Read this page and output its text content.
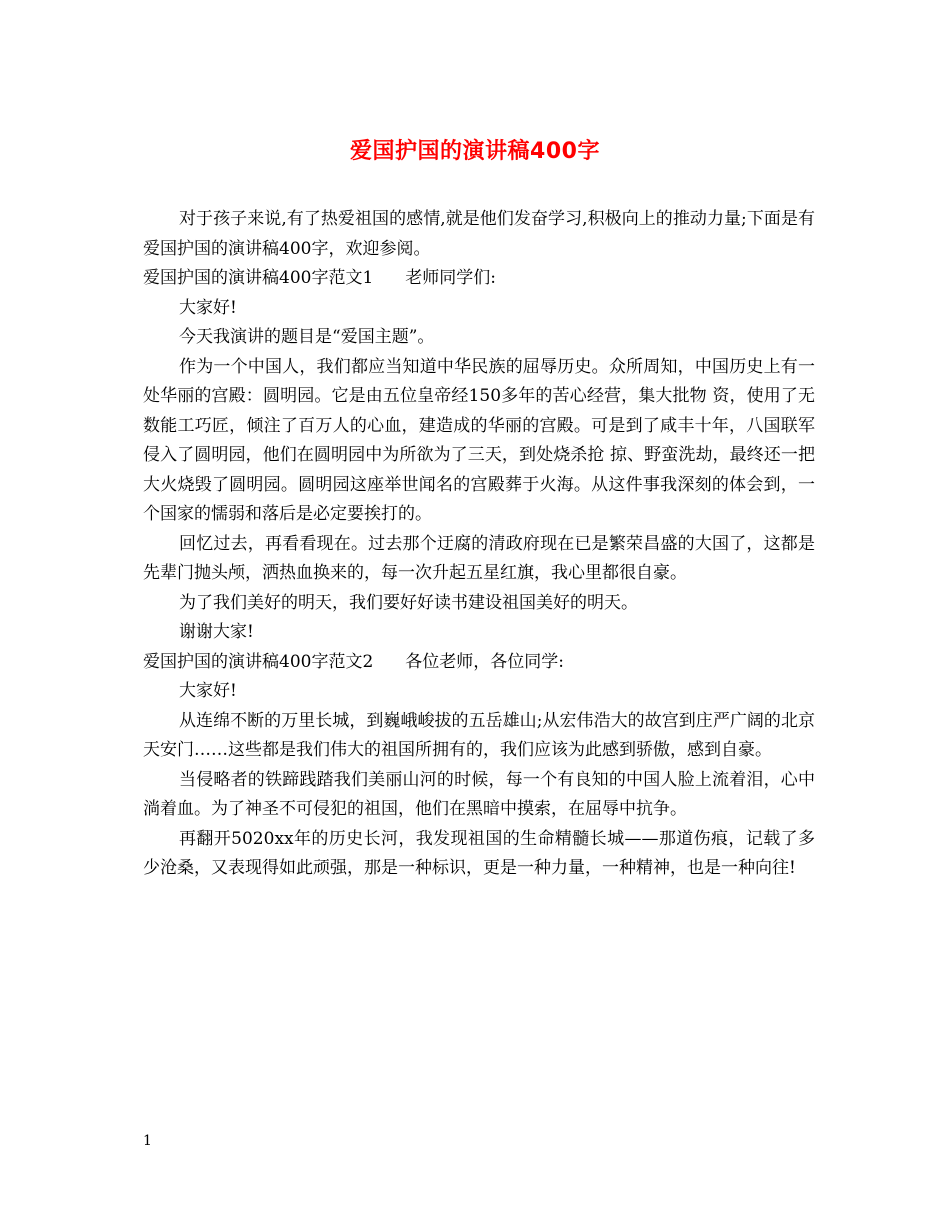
爱国护国的演讲稿400字

对于孩子来说,有了热爱祖国的感情,就是他们发奋学习,积极向上的推动力量;下面是有爱国护国的演讲稿400字，欢迎参阅。

爱国护国的演讲稿400字范文1 老师同学们:

大家好!

今天我演讲的题目是“爱国主题”。

作为一个中国人，我们都应当知道中华民族的屈辱历史。众所周知，中国历史上有一处华丽的宫殿：圆明园。它是由五位皇帝经150多年的苦心经营，集大批物 资，使用了无数能工巧匠，倾注了百万人的心血，建造成的华丽的宫殿。可是到了咸丰十年，八国联军侵入了圆明园，他们在圆明园中为所欲为了三天，到处烧杀抢 掠、野蛮洗劫，最终还一把大火烧毁了圆明园。圆明园这座举世闻名的宫殿葬于火海。从这件事我深刻的体会到，一个国家的懦弱和落后是必定要挨打的。

回忆过去，再看看现在。过去那个迂腐的清政府现在已是繁荣昌盛的大国了，这都是先辈门抛头颅，洒热血换来的，每一次升起五星红旗，我心里都很自豪。

为了我们美好的明天，我们要好好读书建设祖国美好的明天。

谢谢大家!

爱国护国的演讲稿400字范文2 各位老师，各位同学:

大家好!

从连绵不断的万里长城，到巍峨峻拔的五岳雄山;从宏伟浩大的故宫到庄严广阔的北京天安门……这些都是我们伟大的祖国所拥有的，我们应该为此感到骄傲，感到自豪。

当侵略者的铁蹄践踏我们美丽山河的时候，每一个有良知的中国人脸上流着泪，心中淌着血。为了神圣不可侵犯的祖国，他们在黑暗中摸索，在屈辱中抗争。

再翻开5020xx年的历史长河，我发现祖国的生命精髓长城——那道伤痕，记载了多少沧桑，又表现得如此顽强，那是一种标识，更是一种力量，一种精神，也是一种向往!

1
